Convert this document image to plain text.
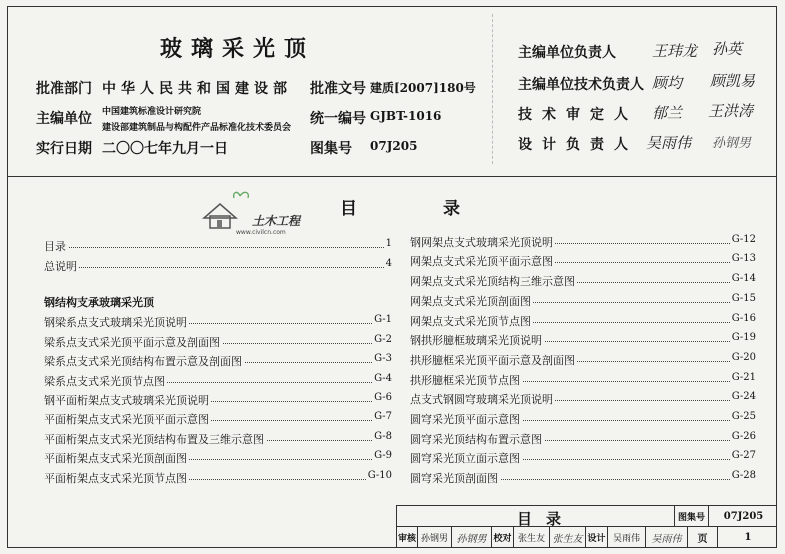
玻璃采光顶
批准部门 中华人民共和国建设部 批准文号 建质[2007]180号
主编单位	统一编号 GJBT-1016
中国建筑标准设计研究院
建设部建筑制品与构配件产品标准化技术委员会
实行日期 二〇〇七年九月一日	图集号 07J205
主编单位负责人 王玮龙 孙英
主编单位技术负责人 顾均 顾凯易
技术审定人 郁兰 王洪涛
设计负责人 吴雨伟 孙钢男
土木工程
www.civilcn.com
目录
目录	1
总说明	4
钢结构支承玻璃采光顶
钢梁系点支式玻璃采光顶说明	G-1
梁系点支式采光顶平面示意及剖面图	G-2
梁系点支式采光顶结构布置示意及剖面图	G-3
梁系点支式采光顶节点图	G-4
钢平面桁架点支式玻璃采光顶说明	G-6
平面桁架点支式采光顶平面示意图	G-7
平面桁架点支式采光顶结构布置及三维示意图	G-8
平面桁架点支式采光顶剖面图	G-9
平面桁架点支式采光顶节点图	G-10
钢网架点支式玻璃采光顶说明	G-12
网架点支式采光顶平面示意图	G-13
网架点支式采光顶结构三维示意图	G-14
网架点支式采光顶剖面图	G-15
网架点支式采光顶节点图	G-16
钢拱形臆框玻璃采光顶说明	G-19
拱形臆框采光顶平面示意及剖面图	G-20
拱形臆框采光顶节点图	G-21
点支式钢圆穹玻璃采光顶说明	G-24
圆穹采光顶平面示意图	G-25
圆穹采光顶结构布置示意图	G-26
圆穹采光顶立面示意图	G-27
圆穹采光顶剖面图	G-28
目录	图集号	07J205
审核 孙钢男 孙钢男 校对 张生友 张生友 设计 吴雨伟	吴雨伟	页	1
